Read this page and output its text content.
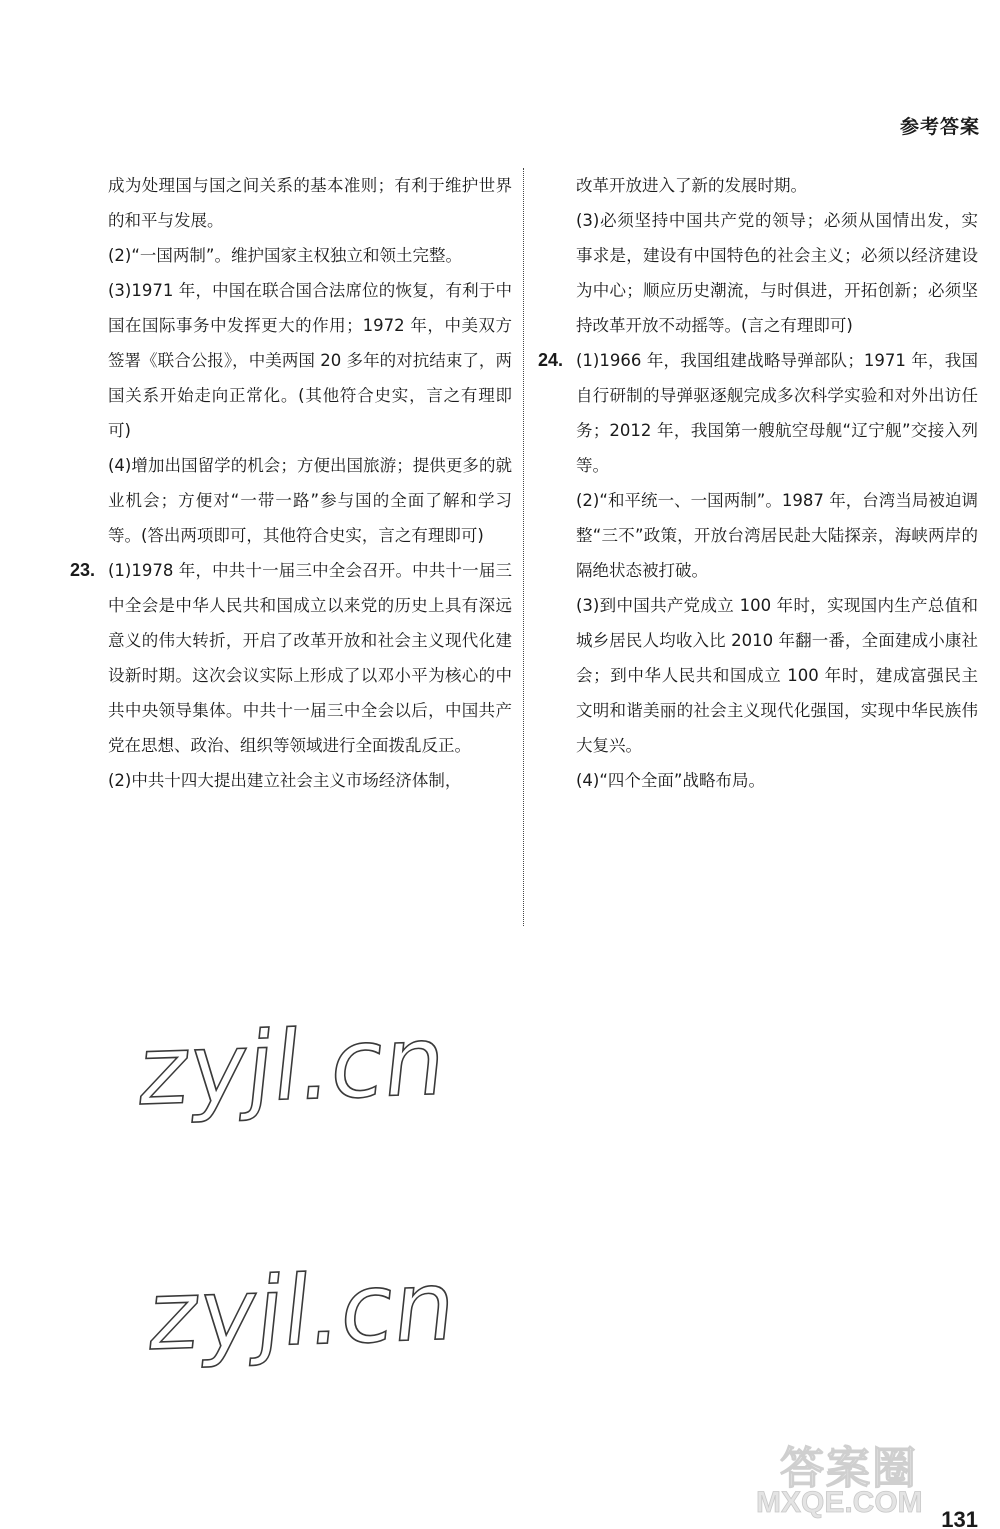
参考答案
成为处理国与国之间关系的基本准则；有利于维护世界的和平与发展。
(2)“一国两制”。维护国家主权独立和领土完整。
(3)1971 年，中国在联合国合法席位的恢复，有利于中国在国际事务中发挥更大的作用；1972 年，中美双方签署《联合公报》，中美两国 20 多年的对抗结束了，两国关系开始走向正常化。(其他符合史实，言之有理即可)
(4)增加出国留学的机会；方便出国旅游；提供更多的就业机会；方便对“一带一路”参与国的全面了解和学习等。(答出两项即可，其他符合史实，言之有理即可)
23. (1)1978 年，中共十一届三中全会召开。中共十一届三中全会是中华人民共和国成立以来党的历史上具有深远意义的伟大转折，开启了改革开放和社会主义现代化建设新时期。这次会议实际上形成了以邓小平为核心的中共中央领导集体。中共十一届三中全会以后，中国共产党在思想、政治、组织等领域进行全面拨乱反正。
(2)中共十四大提出建立社会主义市场经济体制，
改革开放进入了新的发展时期。
(3)必须坚持中国共产党的领导；必须从国情出发，实事求是，建设有中国特色的社会主义；必须以经济建设为中心；顺应历史潮流，与时俱进，开拓创新；必须坚持改革开放不动摇等。(言之有理即可)
24. (1)1966 年，我国组建战略导弹部队；1971 年，我国自行研制的导弹驱逐舰完成多次科学实验和对外出访任务；2012 年，我国第一艘航空母舰“辽宁舰”交接入列等。
(2)“和平统一、一国两制”。1987 年，台湾当局被迫调整“三不”政策，开放台湾居民赴大陆探亲，海峡两岸的隔绝状态被打破。
(3)到中国共产党成立 100 年时，实现国内生产总值和城乡居民人均收入比 2010 年翻一番，全面建成小康社会；到中华人民共和国成立 100 年时，建成富强民主文明和谐美丽的社会主义现代化强国，实现中华民族伟大复兴。
(4)“四个全面”战略布局。
zyjl.cn
zyjl.cn
答案圈
MXQE.COM
131
